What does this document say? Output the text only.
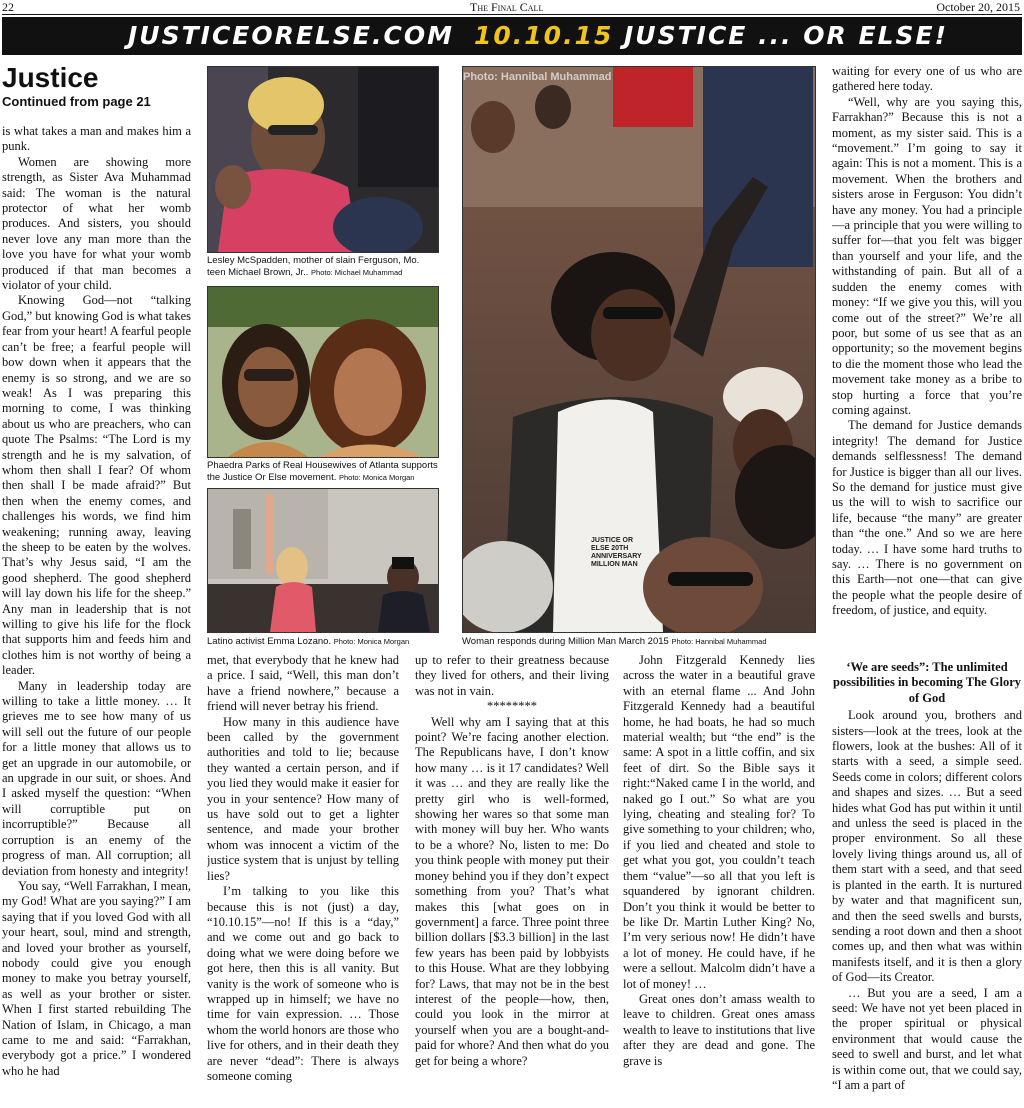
22	The Final Call	October 20, 2015
JUSTICEORELSE.COM 10.10.15 JUSTICE ... OR ELSE!
Justice
Continued from page 21

is what takes a man and makes him a punk.

Women are showing more strength, as Sister Ava Muhammad said: The woman is the natural protector of what her womb produces. And sisters, you should never love any man more than the love you have for what your womb produced if that man becomes a violator of your child.

Knowing God—not “talking God,” but knowing God is what takes fear from your heart! A fearful people can’t be free; a fearful people will bow down when it appears that the enemy is so strong, and we are so weak! As I was preparing this morning to come, I was thinking about us who are preachers, who can quote The Psalms: “The Lord is my strength and he is my salvation, of whom then shall I fear? Of whom then shall I be made afraid?” But then when the enemy comes, and challenges his words, we find him weakening; running away, leaving the sheep to be eaten by the wolves. That’s why Jesus said, “I am the good shepherd. The good shepherd will lay down his life for the sheep.” Any man in leadership that is not willing to give his life for the flock that supports him and feeds him and clothes him is not worthy of being a leader.

Many in leadership today are willing to take a little money. … It grieves me to see how many of us will sell out the future of our people for a little money that allows us to get an upgrade in our automobile, or an upgrade in our suit, or shoes. And I asked myself the question: “When will corruptible put on incorruptible?” Because all corruption is an enemy of the progress of man. All corruption; all deviation from honesty and integrity!

You say, “Well Farrakhan, I mean, my God! What are you saying?” I am saying that if you loved God with all your heart, soul, mind and strength, and loved your brother as yourself, nobody could give you enough money to make you betray yourself, as well as your brother or sister. When I first started rebuilding The Nation of Islam, in Chicago, a man came to me and said: “Farrakhan, everybody got a price.” I wondered who he had

Lesley McSpadden, mother of slain Ferguson, Mo. teen Michael Brown, Jr.. Photo: Michael Muhammad
Phaedra Parks of Real Housewives of Atlanta supports the Justice Or Else movement. Photo: Monica Morgan
Latino activist Emma Lozano. Photo: Monica Morgan
Photo: Hannibal Muhammad
JUSTICE OR ELSE 20TH ANNIVERSARY MILLION MAN
Woman responds during Million Man March 2015 Photo: Hannibal Muhammad

met, that everybody that he knew had a price. I said, “Well, this man don’t have a friend nowhere,” because a friend will never betray his friend.

How many in this audience have been called by the government authorities and told to lie; because they wanted a certain person, and if you lied they would make it easier for you in your sentence? How many of us have sold out to get a lighter sentence, and made your brother whom was innocent a victim of the justice system that is unjust by telling lies?

I’m talking to you like this because this is not (just) a day, “10.10.15”—no! If this is a “day,” and we come out and go back to doing what we were doing before we got here, then this is all vanity. But vanity is the work of someone who is wrapped up in himself; we have no time for vain expression. … Those whom the world honors are those who live for others, and in their death they are never “dead”: There is always someone coming

up to refer to their greatness because they lived for others, and their living was not in vain.

********

Well why am I saying that at this point? We’re facing another election. The Republicans have, I don’t know how many … is it 17 candidates? Well it was … and they are really like the pretty girl who is well-formed, showing her wares so that some man with money will buy her. Who wants to be a whore? No, listen to me: Do you think people with money put their money behind you if they don’t expect something from you? That’s what makes this [what goes on in government] a farce. Three point three billion dollars [$3.3 billion] in the last few years has been paid by lobbyists to this House. What are they lobbying for? Laws, that may not be in the best interest of the people—how, then, could you look in the mirror at yourself when you are a bought-and-paid for whore? And then what do you get for being a whore?

John Fitzgerald Kennedy lies across the water in a beautiful grave with an eternal flame ... And John Fitzgerald Kennedy had a beautiful home, he had boats, he had so much material wealth; but “the end” is the same: A spot in a little coffin, and six feet of dirt. So the Bible says it right:“Naked came I in the world, and naked go I out.” So what are you lying, cheating and stealing for? To give something to your children; who, if you lied and cheated and stole to get what you got, you couldn’t teach them “value”—so all that you left is squandered by ignorant children. Don’t you think it would be better to be like Dr. Martin Luther King? No, I’m very serious now! He didn’t have a lot of money. He could have, if he were a sellout. Malcolm didn’t have a lot of money! …

Great ones don’t amass wealth to leave to children. Great ones amass wealth to leave to institutions that live after they are dead and gone. The grave is

waiting for every one of us who are gathered here today.

“Well, why are you saying this, Farrakhan?” Because this is not a moment, as my sister said. This is a “movement.” I’m going to say it again: This is not a moment. This is a movement. When the brothers and sisters arose in Ferguson: You didn’t have any money. You had a principle—a principle that you were willing to suffer for—that you felt was bigger than yourself and your life, and the withstanding of pain. But all of a sudden the enemy comes with money: “If we give you this, will you come out of the street?” We’re all poor, but some of us see that as an opportunity; so the movement begins to die the moment those who lead the movement take money as a bribe to stop hurting a force that you’re coming against.

The demand for Justice demands integrity! The demand for Justice demands selflessness! The demand for Justice is bigger than all our lives. So the demand for justice must give us the will to wish to sacrifice our life, because “the many” are greater than “the one.” And so we are here today. … I have some hard truths to say. … There is no government on this Earth—not one—that can give the people what the people desire of freedom, of justice, and equity.

‘We are seeds”: The unlimited possibilities in becoming The Glory of God

Look around you, brothers and sisters—look at the trees, look at the flowers, look at the bushes: All of it starts with a seed, a simple seed. Seeds come in colors; different colors and shapes and sizes. … But a seed hides what God has put within it until and unless the seed is placed in the proper environment. So all these lovely living things around us, all of them start with a seed, and that seed is planted in the earth. It is nurtured by water and that magnificent sun, and then the seed swells and bursts, sending a root down and then a shoot comes up, and then what was within manifests itself, and it is then a glory of God—its Creator.

… But you are a seed, I am a seed: We have not yet been placed in the proper spiritual or physical environment that would cause the seed to swell and burst, and let what is within come out, that we could say, “I am a part of
